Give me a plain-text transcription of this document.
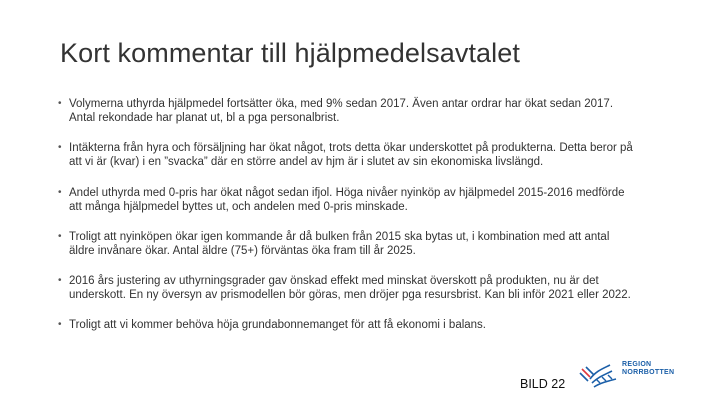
Kort kommentar till hjälpmedelsavtalet
• Volymerna uthyrda hjälpmedel fortsätter öka, med 9% sedan 2017. Även antar ordrar har ökat sedan 2017.
Antal rekondade har planat ut, bl a pga personalbrist.
• Intäkterna från hyra och försäljning har ökat något, trots detta ökar underskottet på produkterna. Detta beror på
att vi är (kvar) i en ”svacka” där en större andel av hjm är i slutet av sin ekonomiska livslängd.
• Andel uthyrda med 0-pris har ökat något sedan ifjol. Höga nivåer nyinköp av hjälpmedel 2015-2016 medförde
att många hjälpmedel byttes ut, och andelen med 0-pris minskade.
• Troligt att nyinköpen ökar igen kommande år då bulken från 2015 ska bytas ut, i kombination med att antal
äldre invånare ökar. Antal äldre (75+) förväntas öka fram till år 2025.
• 2016 års justering av uthyrningsgrader gav önskad effekt med minskat överskott på produkten, nu är det
underskott. En ny översyn av prismodellen bör göras, men dröjer pga resursbrist. Kan bli inför 2021 eller 2022.
• Troligt att vi kommer behöva höja grundabonnemanget för att få ekonomi i balans.
BILD 22
REGION
NORRBOTTEN
